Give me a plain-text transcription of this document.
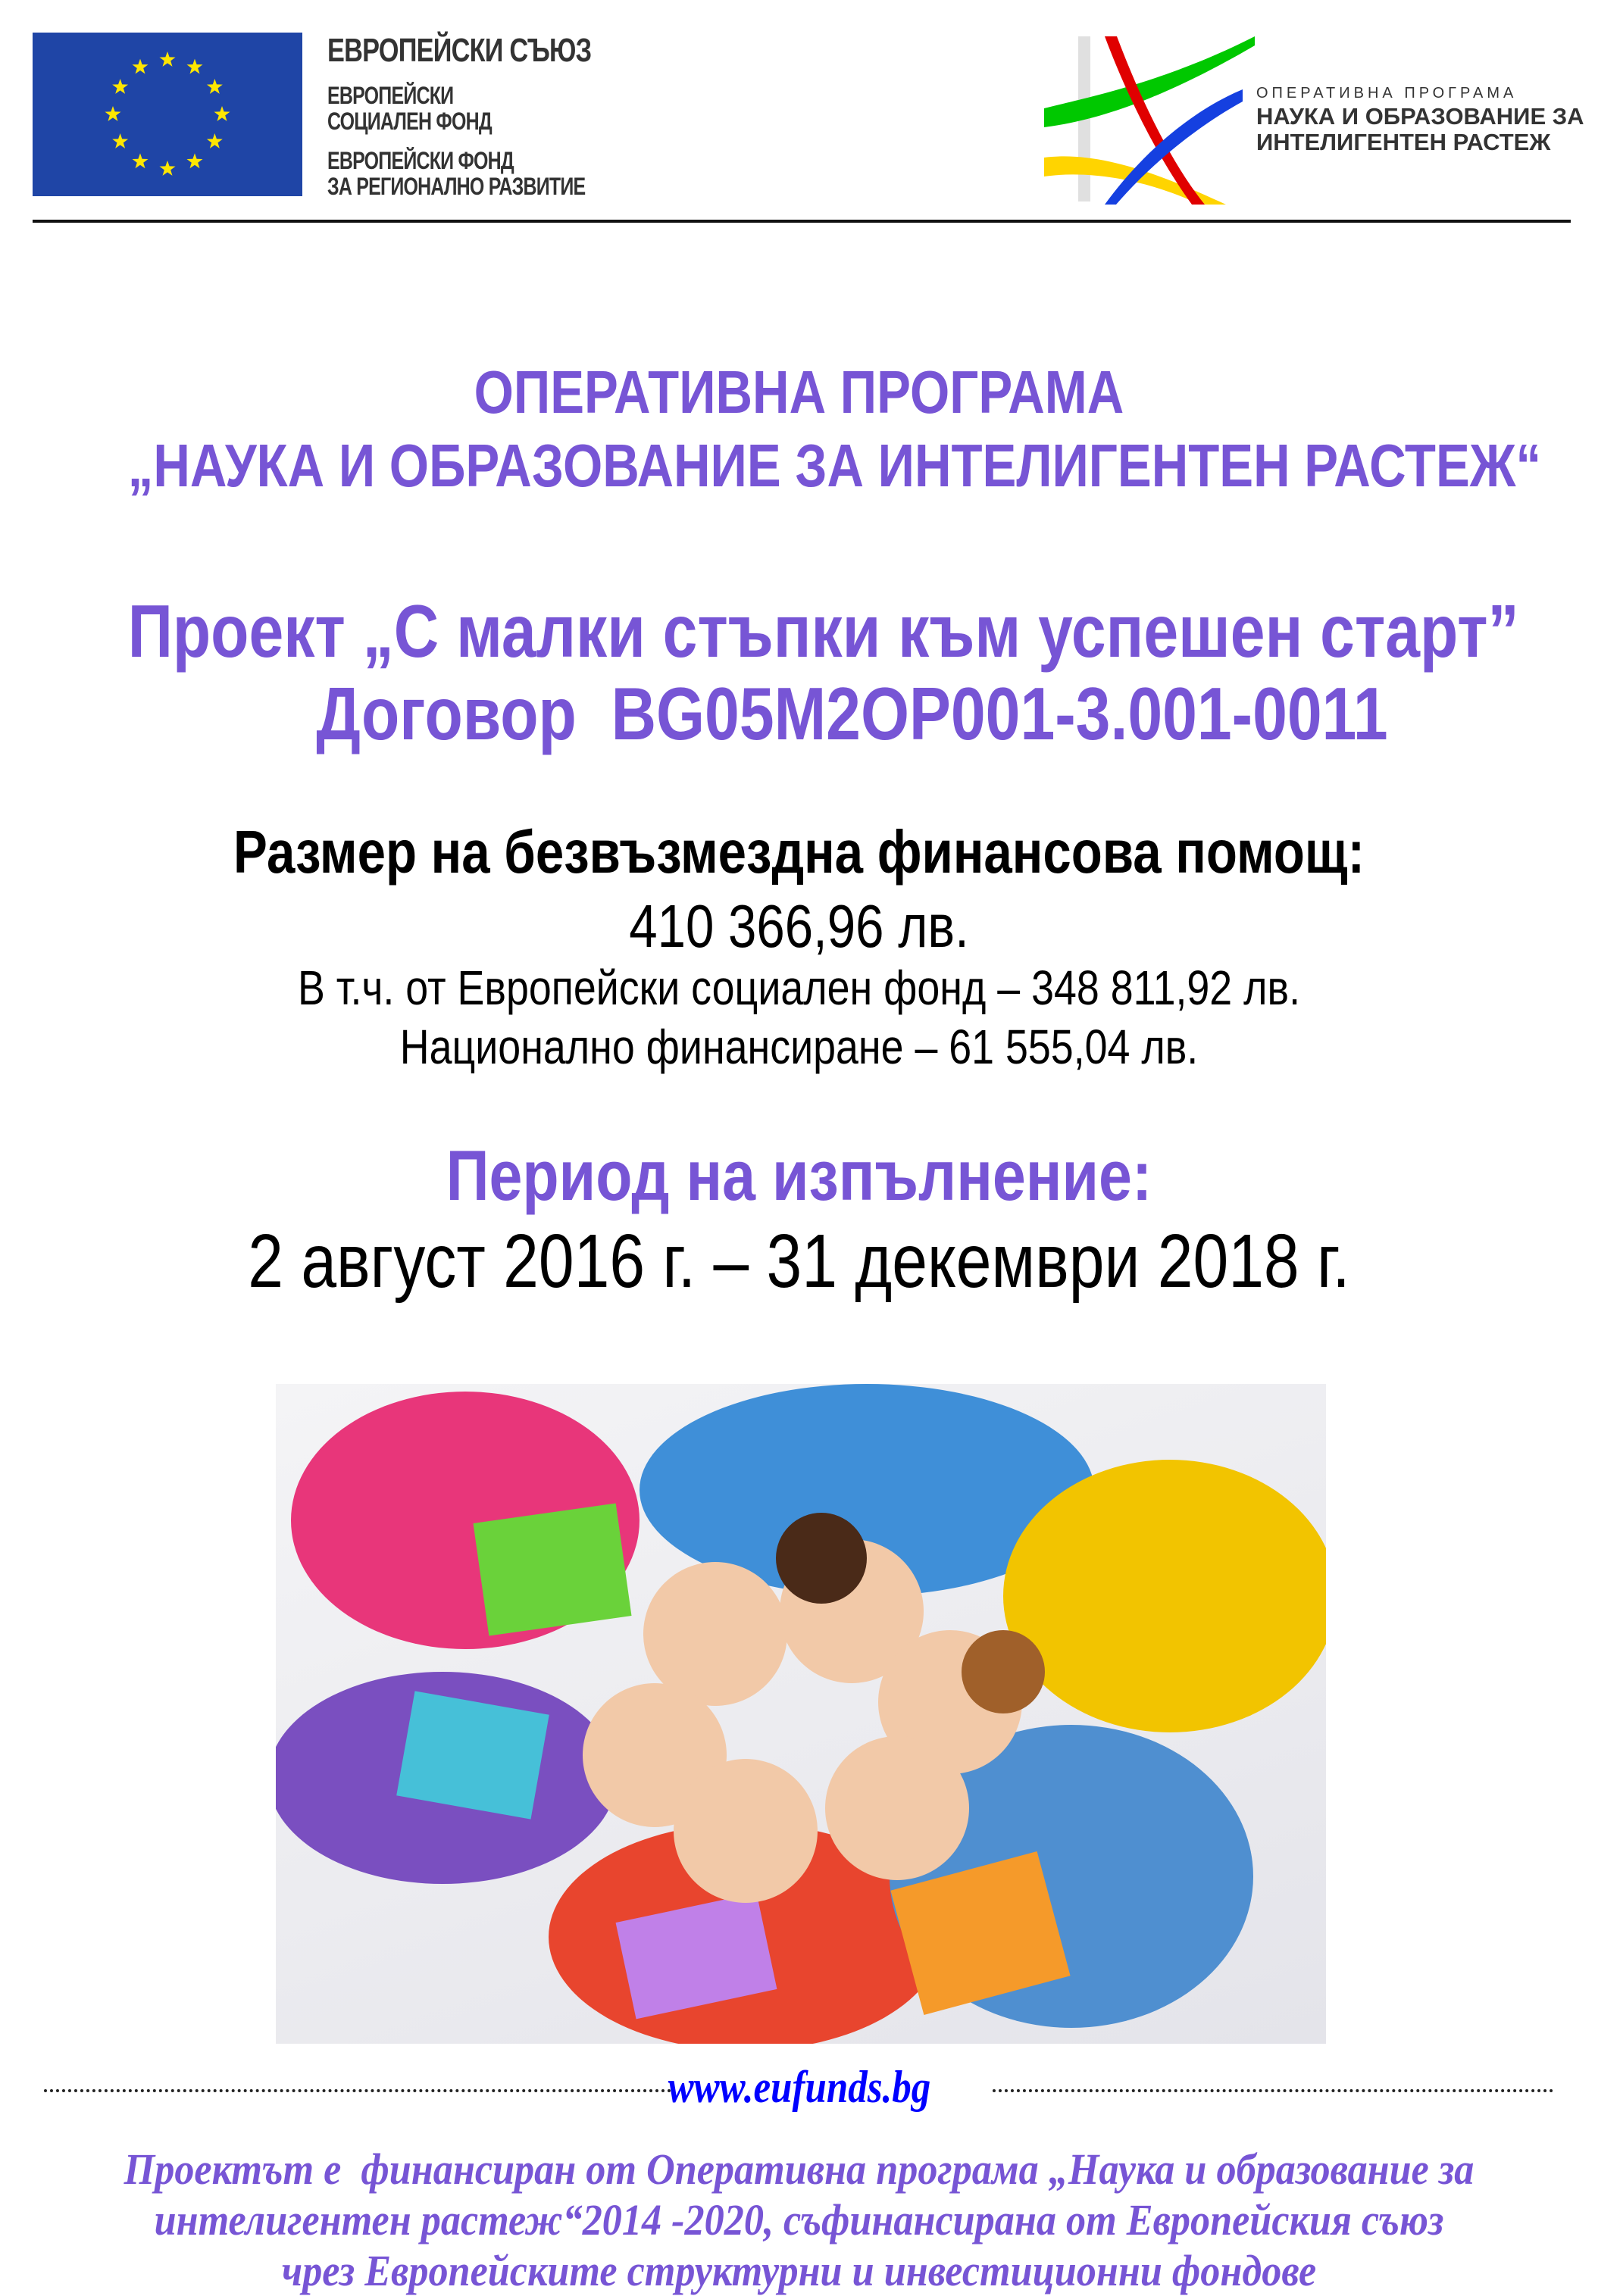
ЕВРОПЕЙСКИ СЪЮЗ
ЕВРОПЕЙСКИ
СОЦИАЛЕН ФОНД
ЕВРОПЕЙСКИ ФОНД
ЗА РЕГИОНАЛНО РАЗВИТИЕ
ОПЕРАТИВНА ПРОГРАМА
НАУКА И ОБРАЗОВАНИЕ ЗА
ИНТЕЛИГЕНТЕН РАСТЕЖ
ОПЕРАТИВНА ПРОГРАМА
„НАУКА И ОБРАЗОВАНИЕ ЗА ИНТЕЛИГЕНТЕН РАСТЕЖ“
Проект „С малки стъпки към успешен старт”
Договор  BG05M2OP001-3.001-0011
Размер на безвъзмездна финансова помощ:
410 366,96 лв.
В т.ч. от Европейски социален фонд – 348 811,92 лв.
Национално финансиране – 61 555,04 лв.
Период на изпълнение:
2 август 2016 г. – 31 декември 2018 г.
www.eufunds.bg
Проектът е  финансиран от Оперативна програма „Наука и образование за
интелигентен растеж“2014 -2020, съфинансирана от Европейския съюз
чрез Европейските структурни и инвестиционни фондове
